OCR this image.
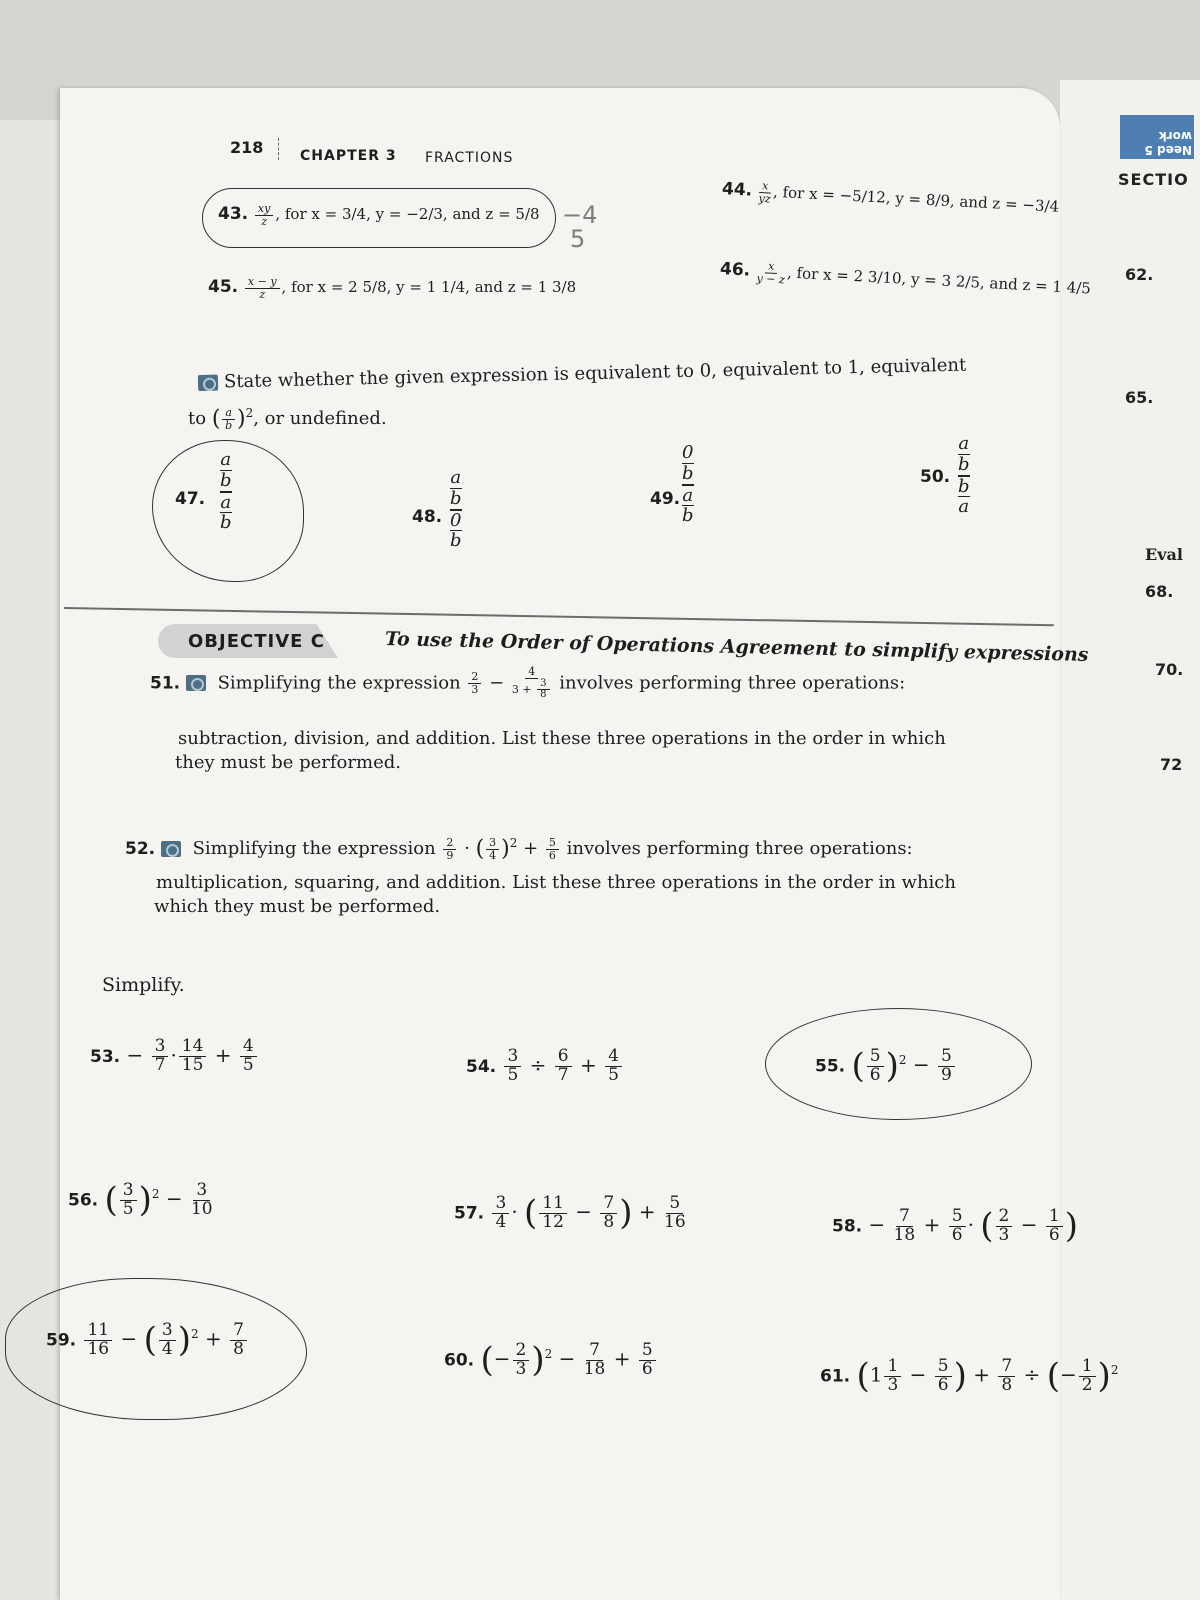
Need 5 work
SECTIO
62.
65.
Eval
68.
70.
72
218	CHAPTER 3 FRACTIONS
43. $\frac{xy}{z}$ , for x = 3/4, y = −2/3, and z = 5/8 −4
5
44. $\frac{x}{yz}$ , for x = −5/12, y = 8/9, and z = −3/4
45. $\frac{x - y}{z}$ , for x = 2 5/8, y = 1 1/4, and z = 1 3/8
46. $\frac{x}{y - z}$ , for x = 2 3/10, y = 3 2/5, and z = 1 4/5
State whether the given expression is equivalent to 0, equivalent to 1, equivalent
to ( $\frac{a}{b} )^2$, or undefined.
47.
a
b
a
b	48.
a
b
0
b
49.
0
b
a
b
50.
a
b
b
a
OBJECTIVE C	To use the Order of Operations Agreement to simplify expressions
51. Simplifying the expression $\frac{2}{3} - \frac{4}{3 + \frac{3}{8}}$ involves performing three operations:
subtraction, division, and addition. List these three operations in the order in which
they must be performed.
52. Simplifying the expression $\frac{2}{9}$ · ( $\frac{3}{4} )^2 + \frac{5}{6}$ involves performing three operations:
multiplication, squaring, and addition. List these three operations in the order in which
which they must be performed.
Simplify.
53. − $\frac{3}{7} \cdot \frac{14}{15} + \frac{4}{5}$	54. $\frac{3}{5} \div \frac{6}{7} + \frac{4}{5}$	55. ( $\frac{5}{6} )^2 - \frac{5}{9}$
56. ( $\frac{3}{5} )^2 - \frac{3}{10}$	57. $\frac{3}{4}$ · ( $\frac{11}{12} - \frac{7}{8}$ ) + $\frac{5}{16}$	58. − $\frac{7}{18} + \frac{5}{6}$ · ( $\frac{2}{3} - \frac{1}{6}$ )
59. $\frac{11}{16}$ − ( $\frac{3}{4} )^2 + \frac{7}{8}$
60. (− $\frac{2}{3} )^2 - \frac{7}{18} + \frac{5}{6}$	61. ($1 \frac{1}{3} - \frac{5}{6}$ ) + $\frac{7}{8}$ ÷ (− $\frac{1}{2} )^2$
